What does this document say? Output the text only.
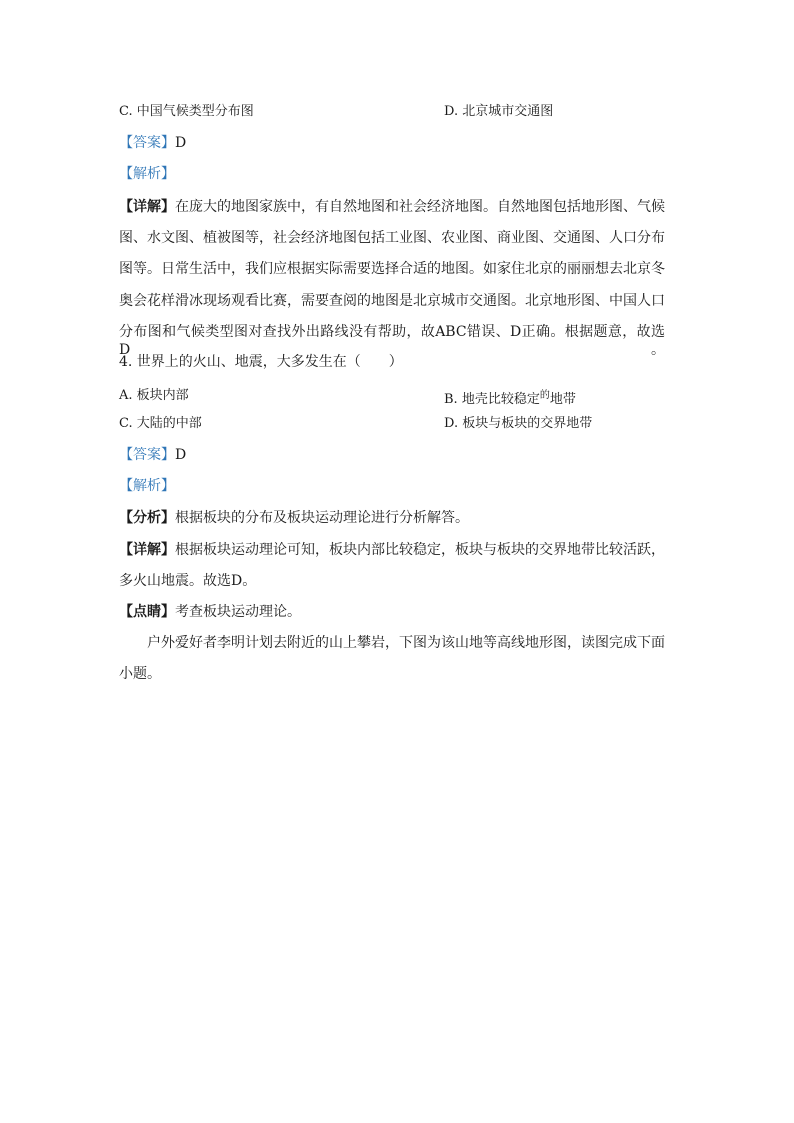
C. 中国气候类型分布图	D. 北京城市交通图
【答案】D
【解析】
【详解】在庞大的地图家族中，有自然地图和社会经济地图。自然地图包括地形图、气候
图、水文图、植被图等，社会经济地图包括工业图、农业图、商业图、交通图、人口分布
图等。日常生活中，我们应根据实际需要选择合适的地图。如家住北京的丽丽想去北京冬
奥会花样滑冰现场观看比赛，需要查阅的地图是北京城市交通图。北京地形图、中国人口
分布图和气候类型图对查找外出路线没有帮助，故ABC错误、D正确。根据题意，故选D。
4. 世界上的火山、地震，大多发生在（　　）
A. 板块内部	B. 地壳比较稳定$^的$地带
C. 大陆的中部	D. 板块与板块的交界地带
【答案】D
【解析】
【分析】根据板块的分布及板块运动理论进行分析解答。
【详解】根据板块运动理论可知，板块内部比较稳定，板块与板块的交界地带比较活跃，
多火山地震。故选D。
【点睛】考查板块运动理论。
户外爱好者李明计划去附近的山上攀岩，下图为该山地等高线地形图，读图完成下面
小题。
